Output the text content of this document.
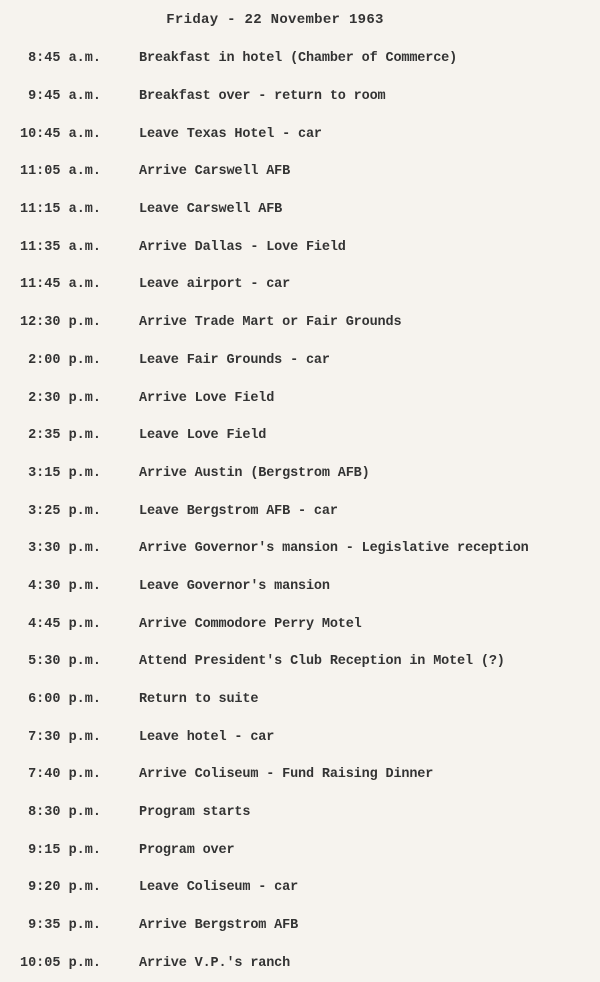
Friday - 22 November 1963
8:45 a.m.	Breakfast in hotel (Chamber of Commerce)
9:45 a.m.	Breakfast over - return to room
10:45 a.m.	Leave Texas Hotel - car
11:05 a.m.	Arrive Carswell AFB
11:15 a.m.	Leave Carswell AFB
11:35 a.m.	Arrive Dallas - Love Field
11:45 a.m.	Leave airport - car
12:30 p.m.	Arrive Trade Mart or Fair Grounds
2:00 p.m.	Leave Fair Grounds - car
2:30 p.m.	Arrive Love Field
2:35 p.m.	Leave Love Field
3:15 p.m.	Arrive Austin (Bergstrom AFB)
3:25 p.m.	Leave Bergstrom AFB - car
3:30 p.m.	Arrive Governor's mansion - Legislative reception
4:30 p.m.	Leave Governor's mansion
4:45 p.m.	Arrive Commodore Perry Motel
5:30 p.m.	Attend President's Club Reception in Motel (?)
6:00 p.m.	Return to suite
7:30 p.m.	Leave hotel - car
7:40 p.m.	Arrive Coliseum - Fund Raising Dinner
8:30 p.m.	Program starts
9:15 p.m.	Program over
9:20 p.m.	Leave Coliseum - car
9:35 p.m.	Arrive Bergstrom AFB
10:05 p.m.	Arrive V.P.'s ranch
